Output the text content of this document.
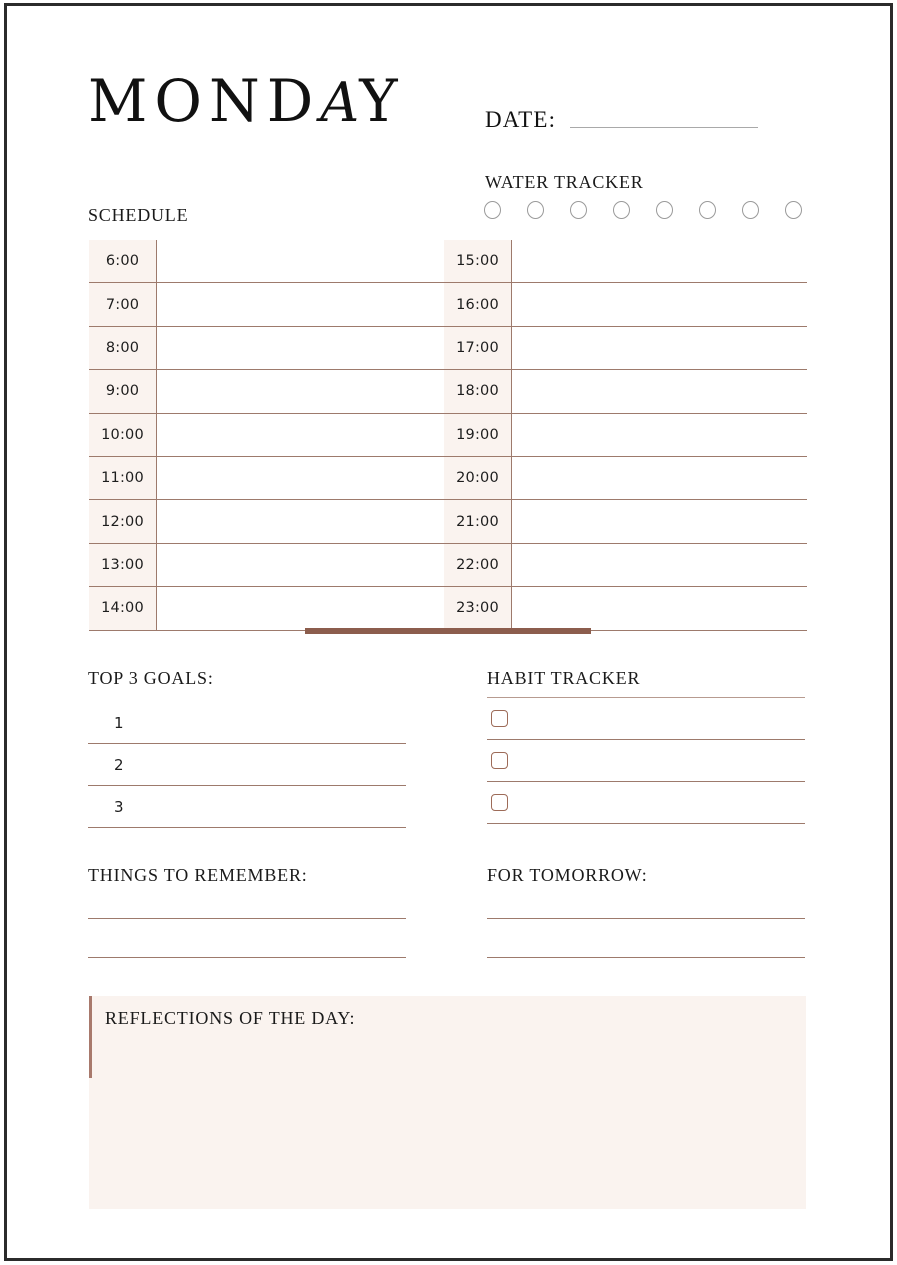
MONDAY	DATE:
WATER TRACKER
SCHEDULE
6:00
7:00
8:00
9:00
10:00
11:00
12:00
13:00
14:00
15:00
16:00
17:00
18:00
19:00
20:00
21:00
22:00
23:00
TOP 3 GOALS:
1
2
3
HABIT TRACKER
THINGS TO REMEMBER:	FOR TOMORROW:
REFLECTIONS OF THE DAY:
